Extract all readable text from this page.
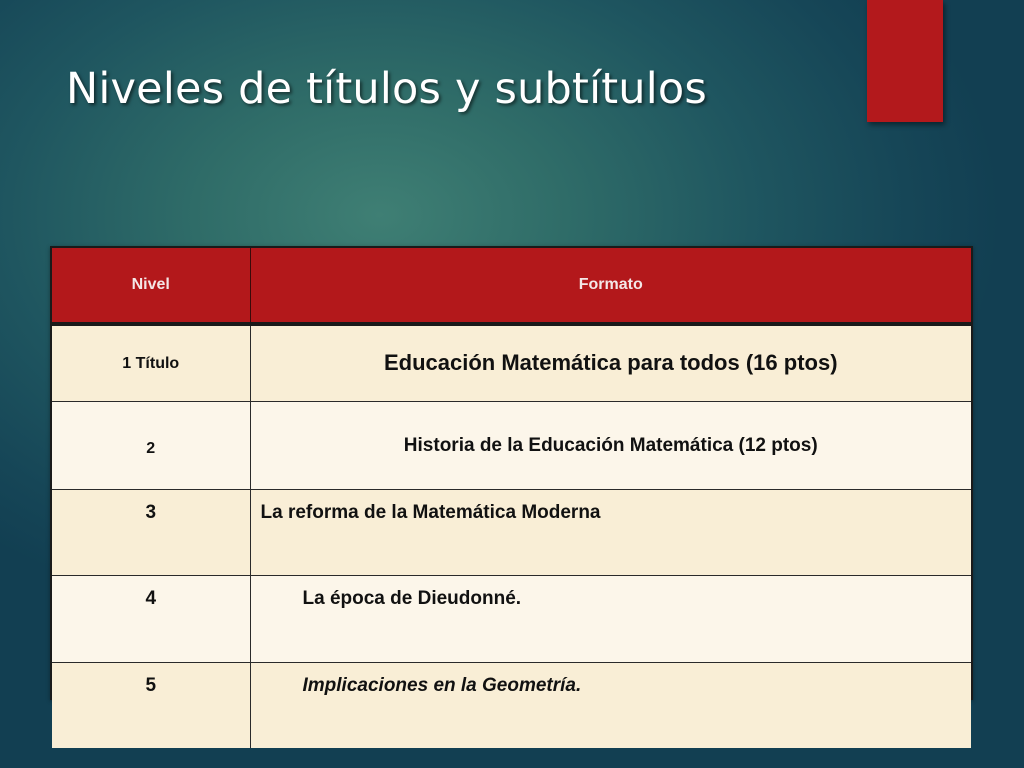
Niveles de títulos y subtítulos
Nivel	Formato
1 Título	Educación Matemática para todos (16 ptos)
2	Historia de la Educación Matemática (12 ptos)
3	La reforma de la Matemática Moderna
4	La época de Dieudonné.
5	Implicaciones en la Geometría.
